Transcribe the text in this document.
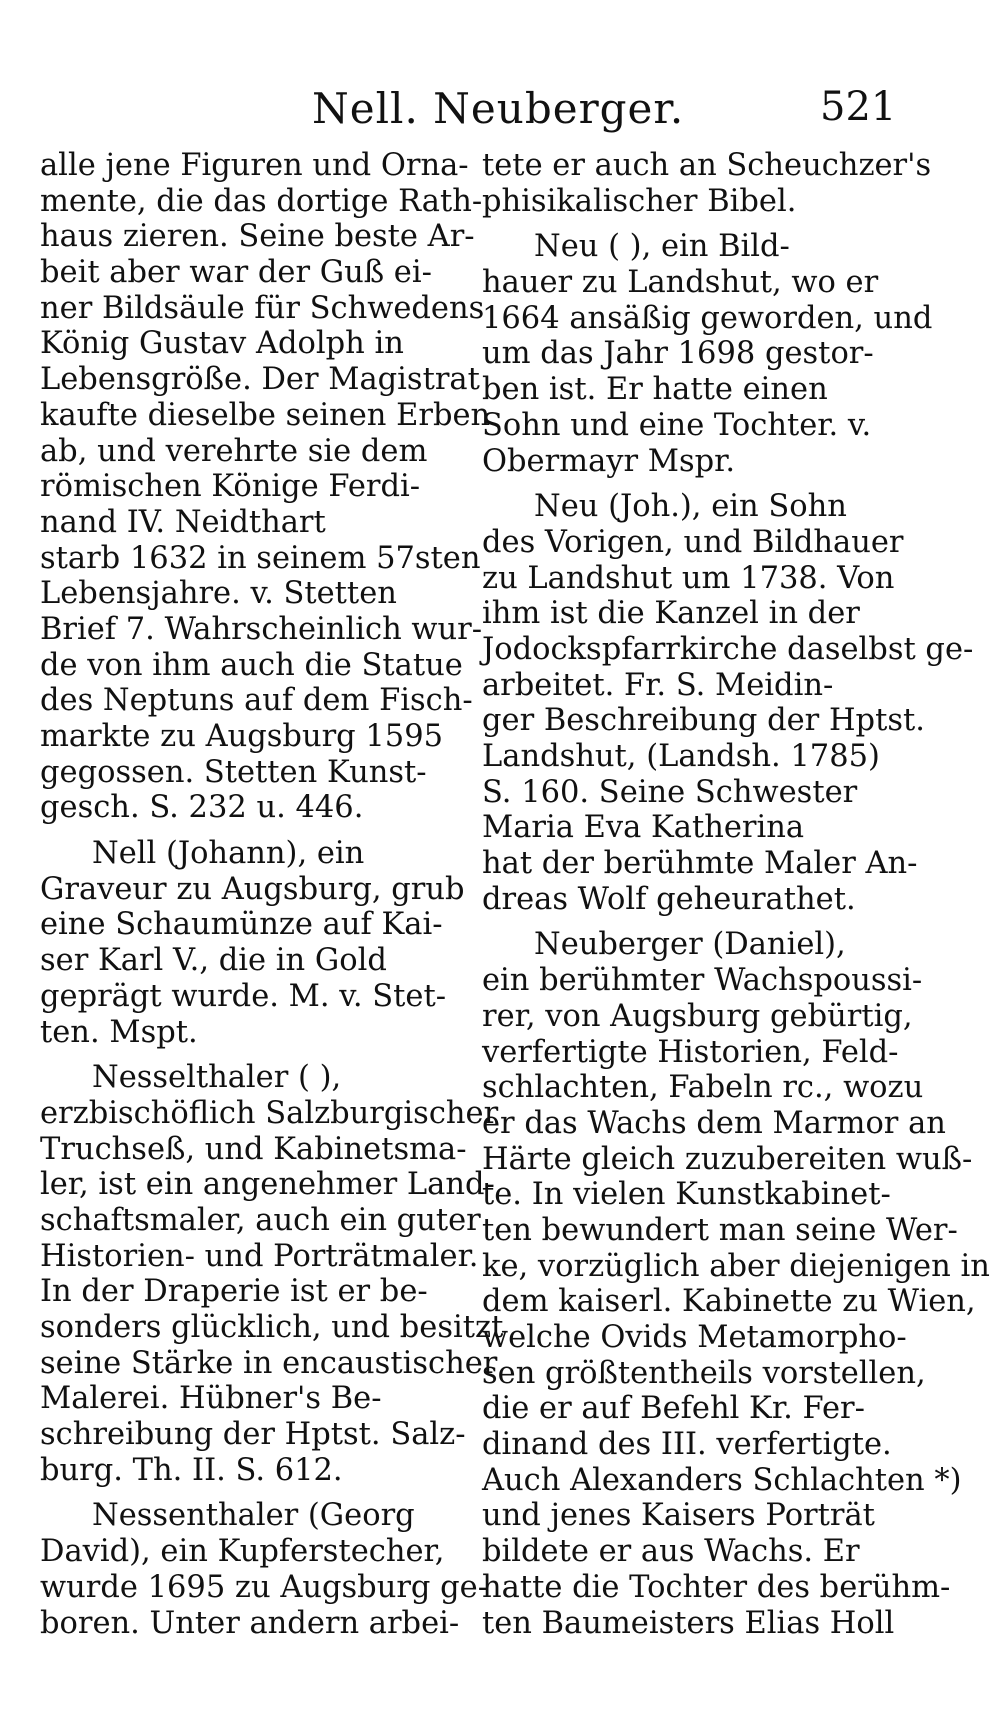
Nell. Neuberger.	521
alle jene Figuren und Orna-
mente, die das dortige Rath-
haus zieren. Seine beste Ar-
beit aber war der Guß ei-
ner Bildsäule für Schwedens
König Gustav Adolph in
Lebensgröße. Der Magistrat
kaufte dieselbe seinen Erben
ab, und verehrte sie dem
römischen Könige Ferdi-
nand IV. Neidthart
starb 1632 in seinem 57sten
Lebensjahre. v. Stetten
Brief 7. Wahrscheinlich wur-
de von ihm auch die Statue
des Neptuns auf dem Fisch-
markte zu Augsburg 1595
gegossen. Stetten Kunst-
gesch. S. 232 u. 446.
Nell (Johann), ein
Graveur zu Augsburg, grub
eine Schaumünze auf Kai-
ser Karl V., die in Gold
geprägt wurde. M. v. Stet-
ten. Mspt.
Nesselthaler ( ),
erzbischöflich Salzburgischer
Truchseß, und Kabinetsma-
ler, ist ein angenehmer Land-
schaftsmaler, auch ein guter
Historien- und Porträtmaler.
In der Draperie ist er be-
sonders glücklich, und besitzt
seine Stärke in encaustischer
Malerei. Hübner's Be-
schreibung der Hptst. Salz-
burg. Th. II. S. 612.
Nessenthaler (Georg
David), ein Kupferstecher,
wurde 1695 zu Augsburg ge-
boren. Unter andern arbei-
tete er auch an Scheuchzer's
phisikalischer Bibel.
Neu ( ), ein Bild-
hauer zu Landshut, wo er
1664 ansäßig geworden, und
um das Jahr 1698 gestor-
ben ist. Er hatte einen
Sohn und eine Tochter. v.
Obermayr Mspr.
Neu (Joh.), ein Sohn
des Vorigen, und Bildhauer
zu Landshut um 1738. Von
ihm ist die Kanzel in der
Jodockspfarrkirche daselbst ge-
arbeitet. Fr. S. Meidin-
ger Beschreibung der Hptst.
Landshut, (Landsh. 1785)
S. 160. Seine Schwester
Maria Eva Katherina
hat der berühmte Maler An-
dreas Wolf geheurathet.
Neuberger (Daniel),
ein berühmter Wachspoussi-
rer, von Augsburg gebürtig,
verfertigte Historien, Feld-
schlachten, Fabeln rc., wozu
er das Wachs dem Marmor an
Härte gleich zuzubereiten wuß-
te. In vielen Kunstkabinet-
ten bewundert man seine Wer-
ke, vorzüglich aber diejenigen in
dem kaiserl. Kabinette zu Wien,
welche Ovids Metamorpho-
sen größtentheils vorstellen,
die er auf Befehl Kr. Fer-
dinand des III. verfertigte.
Auch Alexanders Schlachten *)
und jenes Kaisers Porträt
bildete er aus Wachs. Er
hatte die Tochter des berühm-
ten Baumeisters Elias Holl
